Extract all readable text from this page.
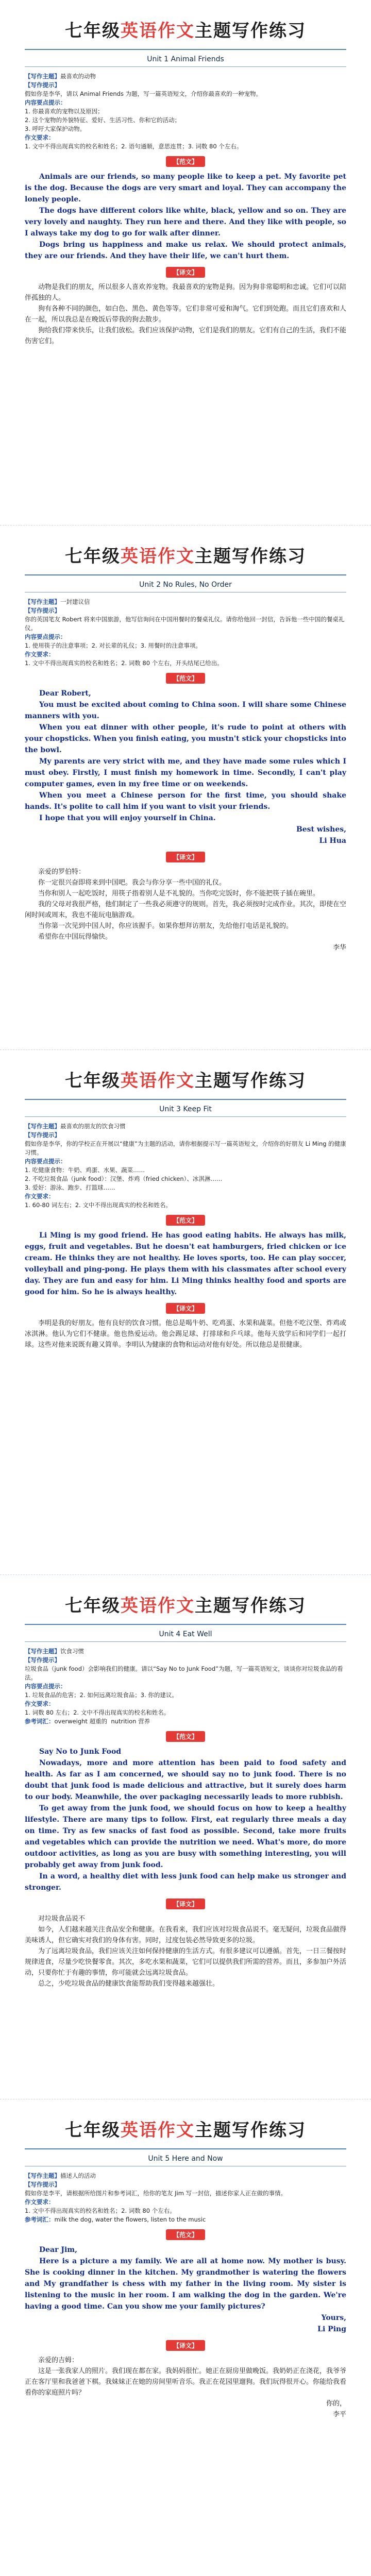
七年级英语作文主题写作练习
Unit 1 Animal Friends
【写作主题】最喜欢的动物
【写作提示】
假如你是李华，请以 Animal Friends 为题，写一篇英语短文，介绍你最喜欢的一种宠物。
内容要点提示：
1. 你最喜欢的宠物以及原因；
2. 这个宠物的外貌特征、爱好、生活习性、你和它的活动；
3. 呼吁大家保护动物。
作文要求：
1. 文中不得出现真实的校名和姓名；2. 语句通顺，意思连贯；3. 词数 80 个左右。
【范文】

Animals are our friends, so many people like to keep a pet. My favorite pet is the dog. Because the dogs are very smart and loyal. They can accompany the lonely people.

The dogs have different colors like white, black, yellow and so on. They are very lovely and naughty. They run here and there. And they like with people, so I always take my dog to go for walk after dinner.

Dogs bring us happiness and make us relax. We should protect animals, they are our friends. And they have their life, we can't hurt them.

【译文】

动物是我们的朋友，所以很多人喜欢养宠物。我最喜欢的宠物是狗。因为狗非常聪明和忠诚。它们可以陪伴孤独的人。

狗有各种不同的颜色，如白色、黑色、黄色等等。它们非常可爱和淘气。它们到处跑。而且它们喜欢和人在一起，所以我总是在晚饭后带我的狗去散步。

狗给我们带来快乐，让我们放松。我们应该保护动物，它们是我们的朋友。它们有自己的生活，我们不能伤害它们。

七年级英语作文主题写作练习
Unit 2 No Rules, No Order
【写作主题】一封建议信
【写作提示】
你的英国笔友 Robert 将来中国旅游，他写信询问在中国用餐时的餐桌礼仪。请你给他回一封信，告诉他一些中国的餐桌礼仪。
内容要点提示：
1. 使用筷子的注意事项；2. 对长辈的礼仪；3. 用餐时的注意事项。
作文要求：
1. 文中不得出现真实的校名和姓名；2. 词数 80 个左右，开头结尾已给出。
【范文】

Dear Robert,

You must be excited about coming to China soon. I will share some Chinese manners with you.

When you eat dinner with other people, it's rude to point at others with your chopsticks. When you finish eating, you mustn't stick your chopsticks into the bowl.

My parents are very strict with me, and they have made some rules which I must obey. Firstly, I must finish my homework in time. Secondly, I can't play computer games, even in my free time or on weekends.

When you meet a Chinese person for the first time, you should shake hands. It's polite to call him if you want to visit your friends.

I hope that you will enjoy yourself in China.

Best wishes,

Li Hua

【译文】

亲爱的罗伯特：

你一定很兴奋即将来到中国吧。我会与你分享一些中国的礼仪。

当你和别人一起吃饭时，用筷子指着别人是不礼貌的。当你吃完饭时，你不能把筷子插在碗里。

我的父母对我很严格，他们制定了一些我必须遵守的规则。首先，我必须按时完成作业。其次，即使在空闲时间或周末，我也不能玩电脑游戏。

当你第一次见到中国人时，你应该握手。如果你想拜访朋友，先给他打电话是礼貌的。

希望你在中国玩得愉快。

李华

七年级英语作文主题写作练习
Unit 3 Keep Fit
【写作主题】最喜欢的朋友的饮食习惯
【写作提示】
假如你是李华，你的学校正在开展以“健康”为主题的活动，请你根据提示写一篇英语短文，介绍你的好朋友 Li Ming 的健康习惯。
内容要点提示：
1. 吃健康食物：牛奶、鸡蛋、水果、蔬菜……
2. 不吃垃圾食品（junk food）：汉堡、炸鸡（fried chicken）、冰淇淋……
3. 爱好：游泳、跑步、打篮球……
作文要求：
1. 60-80 词左右；2. 文中不得出现真实的校名和姓名。
【范文】

Li Ming is my good friend. He has good eating habits. He always has milk, eggs, fruit and vegetables. But he doesn't eat hamburgers, fried chicken or ice cream. He thinks they are not healthy. He loves sports, too. He can play soccer, volleyball and ping-pong. He plays them with his classmates after school every day. They are fun and easy for him. Li Ming thinks healthy food and sports are good for him. So he is always healthy.

【译文】

李明是我的好朋友。他有良好的饮食习惯。他总是喝牛奶、吃鸡蛋、水果和蔬菜。但他不吃汉堡、炸鸡或冰淇淋。他认为它们不健康。他也热爱运动。他会踢足球、打排球和乒乓球。他每天放学后和同学们一起打球。这些对他来说既有趣又简单。李明认为健康的食物和运动对他有好处。所以他总是很健康。

七年级英语作文主题写作练习
Unit 4 Eat Well
【写作主题】饮食习惯
【写作提示】
垃圾食品（junk food）会影响我们的健康。请以“Say No to Junk Food”为题，写一篇英语短文，谈谈你对垃圾食品的看法。
内容要点提示：
1. 垃圾食品的危害；2. 如何远离垃圾食品；3. 你的建议。
作文要求：
1. 词数 80 左右；2. 文中不得出现真实的校名和姓名。
参考词汇：overweight 超重的  nutrition 营养
【范文】

Say No to Junk Food

Nowadays, more and more attention has been paid to food safety and health. As far as I am concerned, we should say no to junk food. There is no doubt that junk food is made delicious and attractive, but it surely does harm to our body. Meanwhile, the over packaging necessarily leads to more rubbish.

To get away from the junk food, we should focus on how to keep a healthy lifestyle. There are many tips to follow. First, eat regularly three meals a day on time. Try as few snacks of fast food as possible. Second, take more fruits and vegetables which can provide the nutrition we need. What's more, do more outdoor activities, as long as you are busy with something interesting, you will probably get away from junk food.

In a word, a healthy diet with less junk food can help make us stronger and stronger.

【译文】

对垃圾食品说不

如今，人们越来越关注食品安全和健康。在我看来，我们应该对垃圾食品说不。毫无疑问，垃圾食品做得美味诱人，但它确实对我们的身体有害。同时，过度包装必然导致更多的垃圾。

为了远离垃圾食品，我们应该关注如何保持健康的生活方式。有很多建议可以遵循。首先，一日三餐按时规律进食，尽量少吃快餐零食。其次，多吃水果和蔬菜，它们可以提供我们所需的营养。而且，多参加户外活动，只要你忙于有趣的事情，你可能就会远离垃圾食品。

总之，少吃垃圾食品的健康饮食能帮助我们变得越来越强壮。

七年级英语作文主题写作练习
Unit 5 Here and Now
【写作主题】描述人的活动
【写作提示】
假如你是李平，请根据所给图片和参考词汇，给你的笔友 Jim 写一封信，描述你家人正在做的事情。
作文要求：
1. 文中不得出现真实的校名和姓名；2. 词数 80 个左右。
参考词汇：milk the dog, water the flowers, listen to the music
【范文】

Dear Jim,

Here is a picture a my family. We are all at home now. My mother is busy. She is cooking dinner in the kitchen. My grandmother is watering the flowers and My grandfather is chess with my father in the living room. My sister is listening to the music in her room. I am walking the dog in the garden. We're having a good time. Can you show me your family pictures?

Yours,

Li Ping

【译文】

亲爱的吉姆：

这是一张我家人的照片。我们现在都在家。我妈妈很忙。她正在厨房里做晚饭。我奶奶正在浇花，我爷爷正在客厅里和我爸爸下棋。我妹妹正在她的房间里听音乐。我正在花园里遛狗。我们玩得很开心。你能给我看看你的家庭照片吗？

你的，

李平
